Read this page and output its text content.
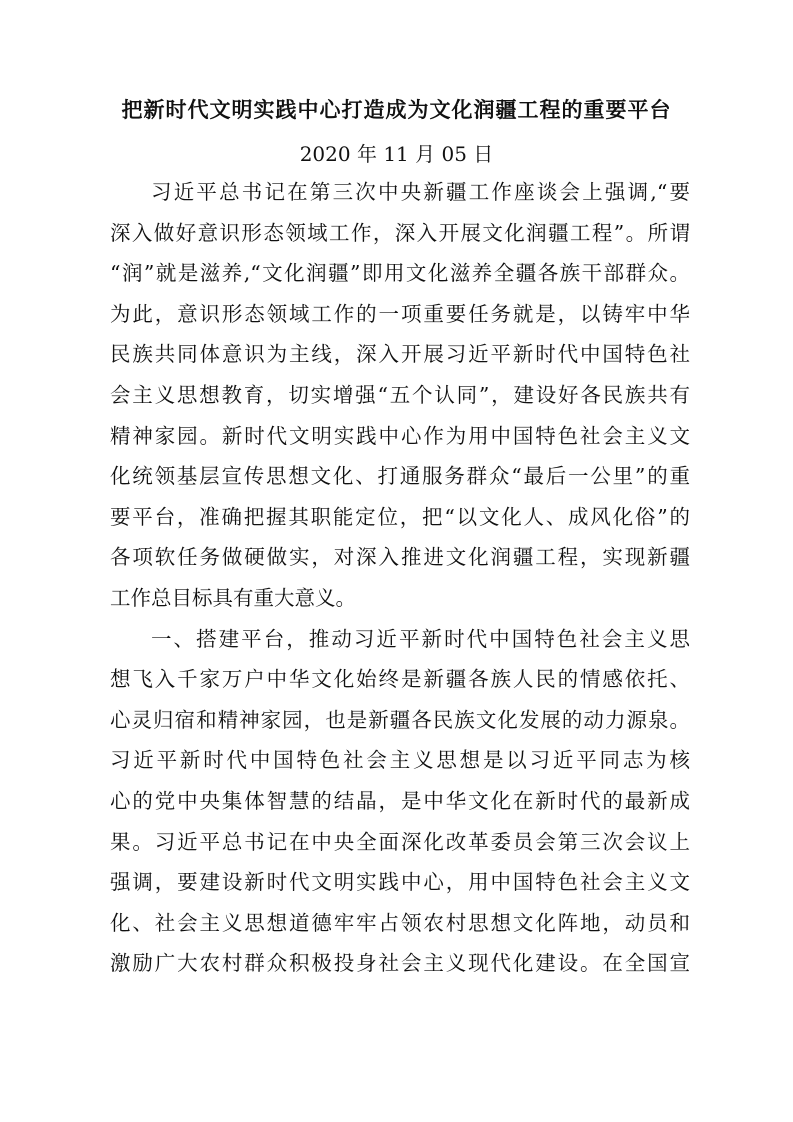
把新时代文明实践中心打造成为文化润疆工程的重要平台
2020 年 11 月 05 日
习近平总书记在第三次中央新疆工作座谈会上强调,“要
深入做好意识形态领域工作，深入开展文化润疆工程”。所谓
“润”就是滋养,“文化润疆”即用文化滋养全疆各族干部群众。
为此，意识形态领域工作的一项重要任务就是，以铸牢中华
民族共同体意识为主线，深入开展习近平新时代中国特色社
会主义思想教育，切实增强“五个认同”，建设好各民族共有
精神家园。新时代文明实践中心作为用中国特色社会主义文
化统领基层宣传思想文化、打通服务群众“最后一公里”的重
要平台，准确把握其职能定位，把“以文化人、成风化俗”的
各项软任务做硬做实，对深入推进文化润疆工程，实现新疆
工作总目标具有重大意义。
一、搭建平台，推动习近平新时代中国特色社会主义思
想飞入千家万户中华文化始终是新疆各族人民的情感依托、
心灵归宿和精神家园，也是新疆各民族文化发展的动力源泉。
习近平新时代中国特色社会主义思想是以习近平同志为核
心的党中央集体智慧的结晶，是中华文化在新时代的最新成
果。习近平总书记在中央全面深化改革委员会第三次会议上
强调，要建设新时代文明实践中心，用中国特色社会主义文
化、社会主义思想道德牢牢占领农村思想文化阵地，动员和
激励广大农村群众积极投身社会主义现代化建设。在全国宣
